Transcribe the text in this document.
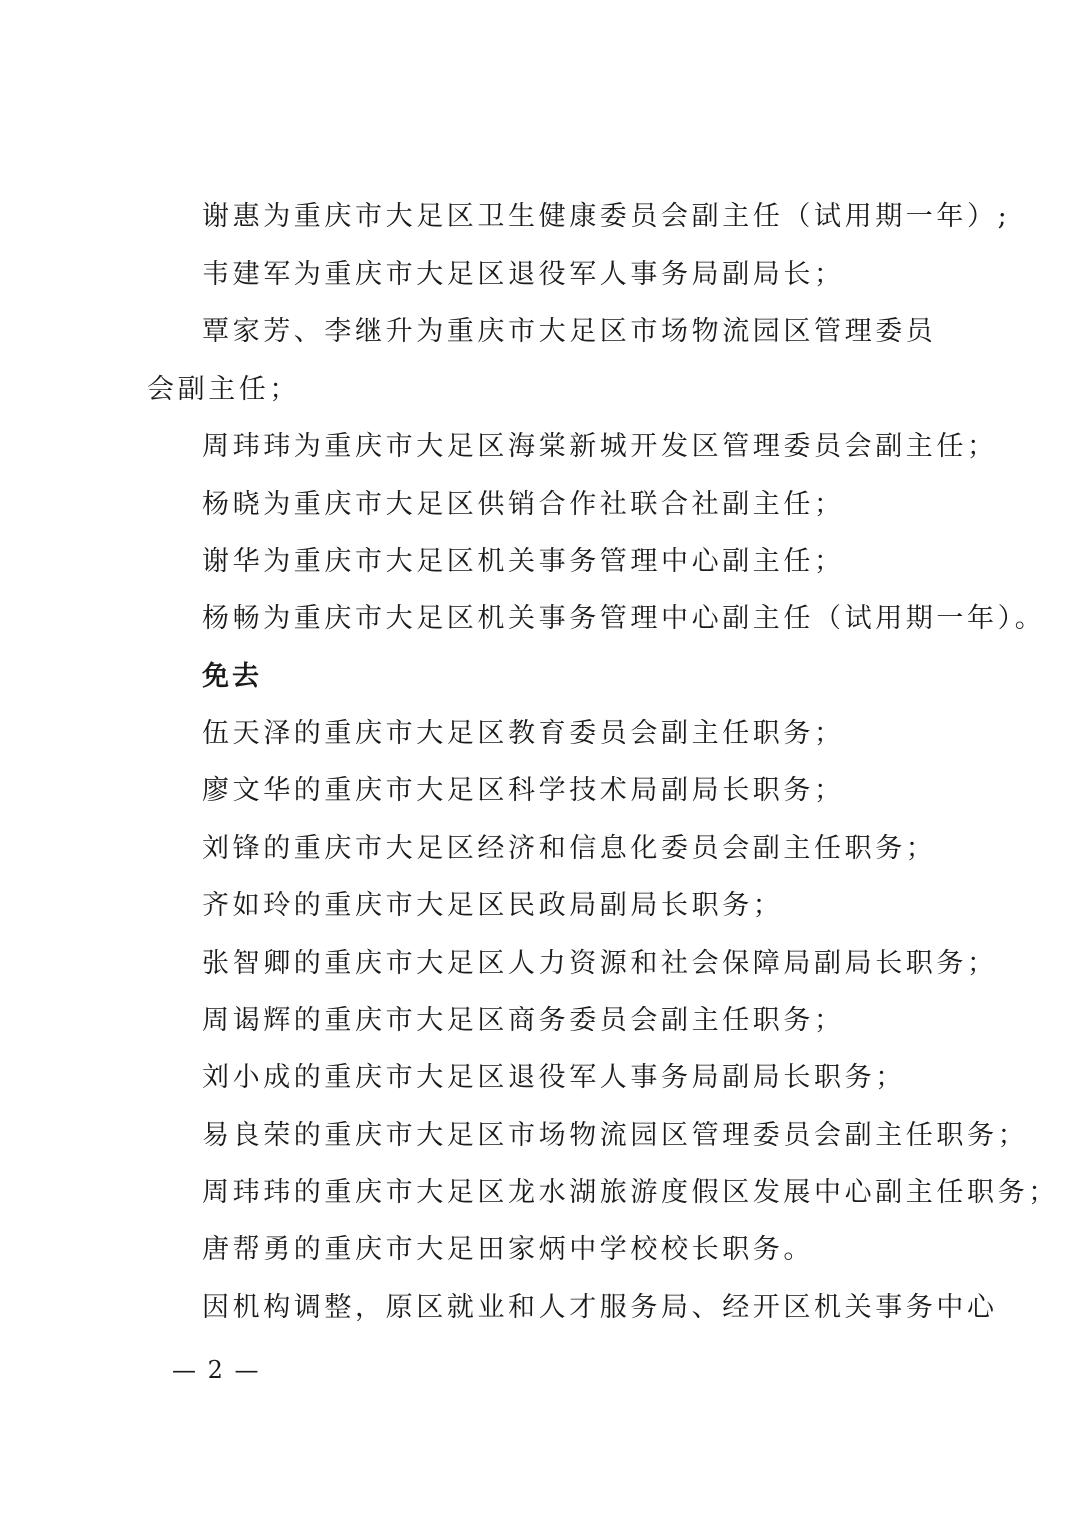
谢惠为重庆市大足区卫生健康委员会副主任（试用期一年）;

韦建军为重庆市大足区退役军人事务局副局长；

覃家芳、李继升为重庆市大足区市场物流园区管理委员会副主任；

周玮玮为重庆市大足区海棠新城开发区管理委员会副主任；

杨晓为重庆市大足区供销合作社联合社副主任；

谢华为重庆市大足区机关事务管理中心副主任；

杨畅为重庆市大足区机关事务管理中心副主任（试用期一年）。

免去

伍天泽的重庆市大足区教育委员会副主任职务；

廖文华的重庆市大足区科学技术局副局长职务；

刘锋的重庆市大足区经济和信息化委员会副主任职务；

齐如玲的重庆市大足区民政局副局长职务；

张智卿的重庆市大足区人力资源和社会保障局副局长职务；

周谒辉的重庆市大足区商务委员会副主任职务；

刘小成的重庆市大足区退役军人事务局副局长职务；

易良荣的重庆市大足区市场物流园区管理委员会副主任职务；

周玮玮的重庆市大足区龙水湖旅游度假区发展中心副主任职务；

唐帮勇的重庆市大足田家炳中学校校长职务。

因机构调整，原区就业和人才服务局、经开区机关事务中心

— 2 —
